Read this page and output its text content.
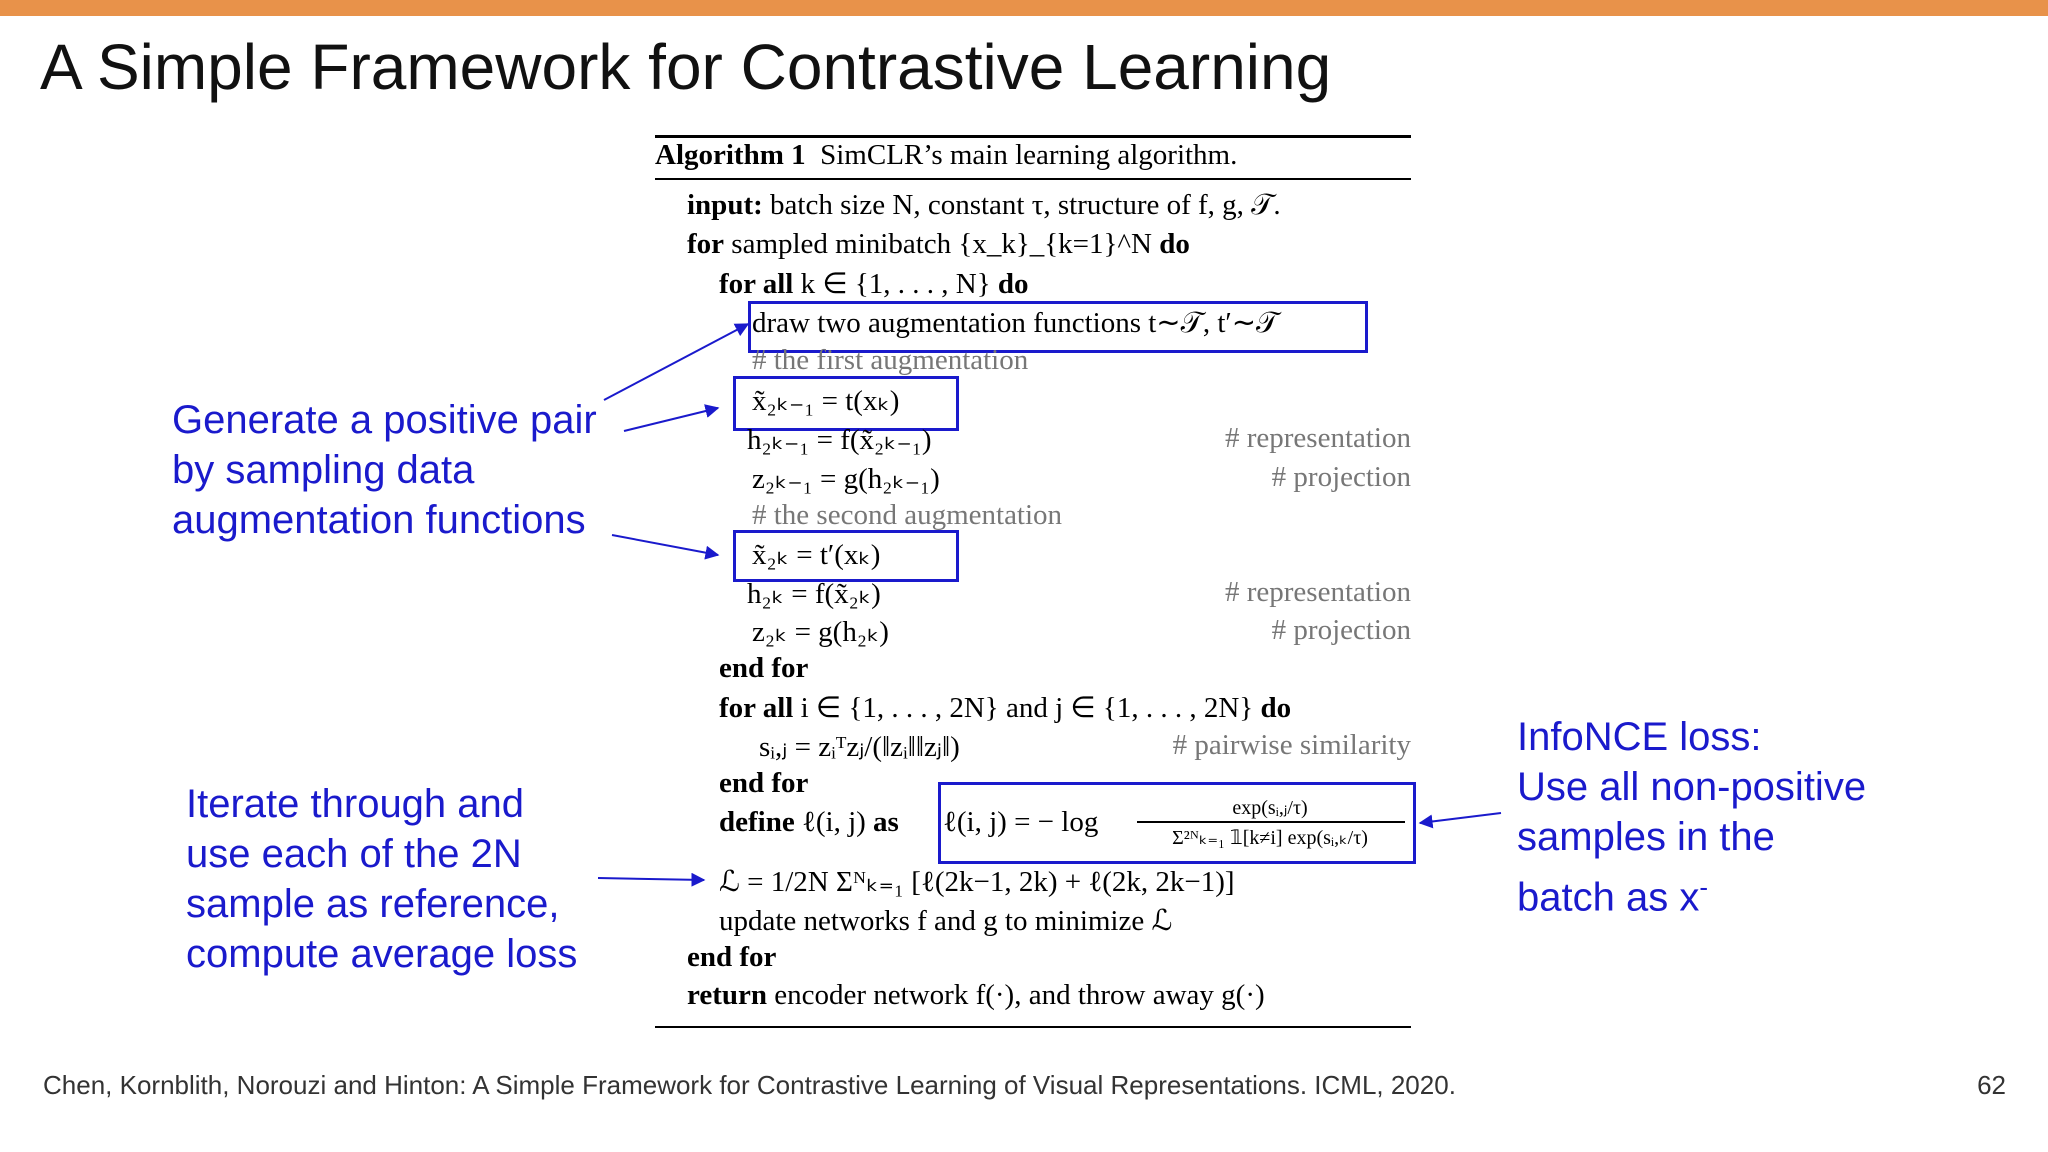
A Simple Framework for Contrastive Learning
Algorithm 1 SimCLR’s main learning algorithm.
input: batch size N, constant τ, structure of f, g, 𝒯.
for sampled minibatch {x_k}_{k=1}^N do
for all k ∈ {1, . . . , N} do
draw two augmentation functions t∼𝒯, t′∼𝒯
# the first augmentation
x̃₂ₖ₋₁ = t(xₖ)
h₂ₖ₋₁ = f(x̃₂ₖ₋₁)	# representation
z₂ₖ₋₁ = g(h₂ₖ₋₁)	# projection
# the second augmentation
x̃₂ₖ = t′(xₖ)
h₂ₖ = f(x̃₂ₖ)	# representation
z₂ₖ = g(h₂ₖ)	# projection
end for
for all i ∈ {1, . . . , 2N} and j ∈ {1, . . . , 2N} do
sᵢ,ⱼ = zᵢᵀzⱼ/(‖zᵢ‖‖zⱼ‖)	# pairwise similarity
end for
define ℓ(i, j) as ℓ(i, j) = − log	exp(sᵢ,ⱼ/τ)
Σ²ᴺₖ₌₁ 𝟙[k≠i] exp(sᵢ,ₖ/τ)
ℒ = 1/2N Σᴺₖ₌₁ [ℓ(2k−1, 2k) + ℓ(2k, 2k−1)]
update networks f and g to minimize ℒ
end for
return encoder network f(·), and throw away g(·)
Generate a positive pair
by sampling data
augmentation functions
Iterate through and
use each of the 2N
sample as reference,
compute average loss
InfoNCE loss:
Use all non-positive
samples in the
batch as x-
Chen, Kornblith, Norouzi and Hinton: A Simple Framework for Contrastive Learning of Visual Representations. ICML, 2020.	62
